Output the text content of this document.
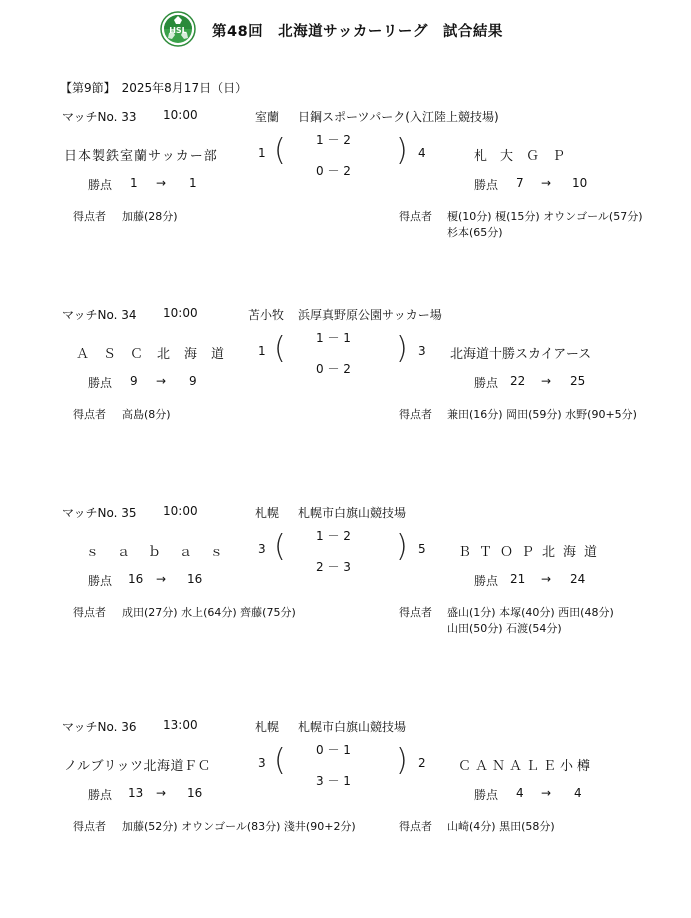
HSL 第48回　北海道サッカーリーグ　試合結果
【第9節】　2025年8月17日（日）
マッチNo. 33 10:00	室蘭 日鋼スポーツパーク(入江陸上競技場)
日本製鉄室蘭サッカー部	1 (	1 － 2
0 － 2
) 4	札　大　Ｇ　Ｐ
勝点 1 → 1	勝点 7 → 10
得点者 加藤(28分)	得点者 榎(10分) 榎(15分) オウンゴール(57分)
杉本(65分)
マッチNo. 34 10:00	苫小牧 浜厚真野原公園サッカー場
ＡＳＣ北海道 1 (	1 － 1
0 － 2
) 3 北海道十勝スカイアース
勝点 9 → 9	勝点 22 → 25
得点者 高島(8分)	得点者 兼田(16分) 岡田(59分) 水野(90+5分)
マッチNo. 35 10:00	札幌 札幌市白旗山競技場
ｓａｂａｓ 3 (	1 － 2
2 － 3
) 5 ＢＴＯＰ北海道
勝点 16 → 16	勝点 21 → 24
得点者 成田(27分) 水上(64分) 齊藤(75分)	得点者 盛山(1分) 本塚(40分) 西田(48分)
山田(50分) 石渡(54分)
マッチNo. 36 13:00	札幌 札幌市白旗山競技場
ノルブリッツ北海道ＦＣ	3 (	0 － 1
3 － 1
) 2 ＣＡＮＡＬＥ小樽
勝点 13 → 16	勝点 4 → 4
得点者 加藤(52分) オウンゴール(83分) 淺井(90+2分)	得点者 山崎(4分) 黒田(58分)
